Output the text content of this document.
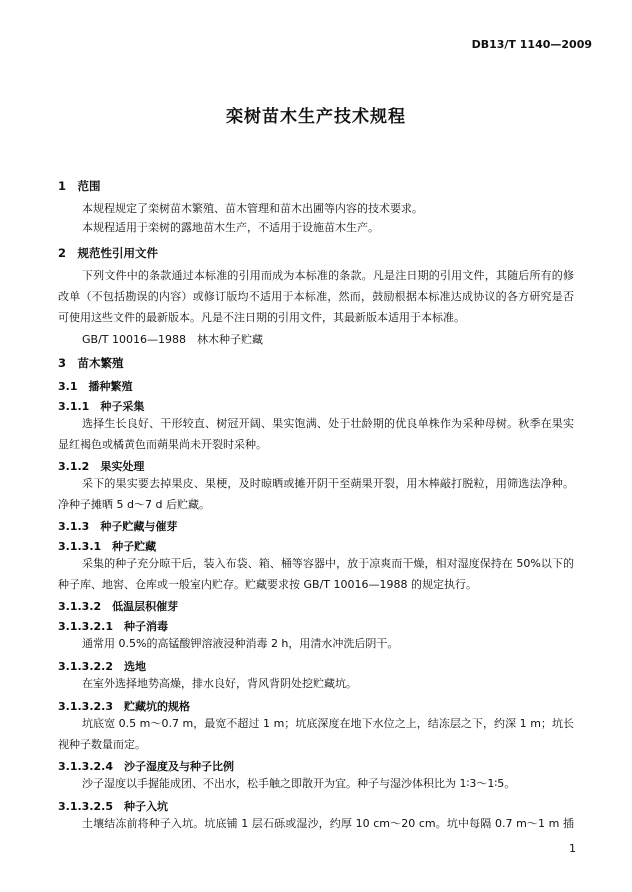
DB13/T 1140—2009
栾树苗木生产技术规程
1　范围
本规程规定了栾树苗木繁殖、苗木管理和苗木出圃等内容的技术要求。
本规程适用于栾树的露地苗木生产，不适用于设施苗木生产。
2　规范性引用文件
下列文件中的条款通过本标准的引用而成为本标准的条款。凡是注日期的引用文件，其随后所有的修改单（不包括勘误的内容）或修订版均不适用于本标准，然而，鼓励根据本标准达成协议的各方研究是否可使用这些文件的最新版本。凡是不注日期的引用文件，其最新版本适用于本标准。
GB/T 10016—1988　林木种子贮藏
3　苗木繁殖
3.1　播种繁殖
3.1.1　种子采集
选择生长良好、干形较直、树冠开阔、果实饱满、处于壮龄期的优良单株作为采种母树。秋季在果实显红褐色或橘黄色而蒴果尚未开裂时采种。
3.1.2　果实处理
采下的果实要去掉果皮、果梗，及时晾晒或摊开阴干至蒴果开裂，用木棒敲打脱粒，用筛选法净种。净种子摊晒 5 d～7 d 后贮藏。
3.1.3　种子贮藏与催芽
3.1.3.1　种子贮藏
采集的种子充分晾干后，装入布袋、箱、桶等容器中，放于凉爽而干燥，相对湿度保持在 50%以下的种子库、地窖、仓库或一般室内贮存。贮藏要求按 GB/T 10016—1988 的规定执行。
3.1.3.2　低温层积催芽
3.1.3.2.1　种子消毒
通常用 0.5%的高锰酸钾溶液浸种消毒 2 h，用清水冲洗后阴干。
3.1.3.2.2　选地
在室外选择地势高燥，排水良好，背风背阴处挖贮藏坑。
3.1.3.2.3　贮藏坑的规格
坑底宽 0.5 m～0.7 m，最宽不超过 1 m；坑底深度在地下水位之上，结冻层之下，约深 1 m；坑长视种子数量而定。
3.1.3.2.4　沙子湿度及与种子比例
沙子湿度以手握能成团、不出水，松手触之即散开为宜。种子与湿沙体积比为 1∶3～1∶5。
3.1.3.2.5　种子入坑
土壤结冻前将种子入坑。坑底铺 1 层石砾或湿沙，约厚 10 cm～20 cm。坑中每隔 0.7 m～1 m 插
1
